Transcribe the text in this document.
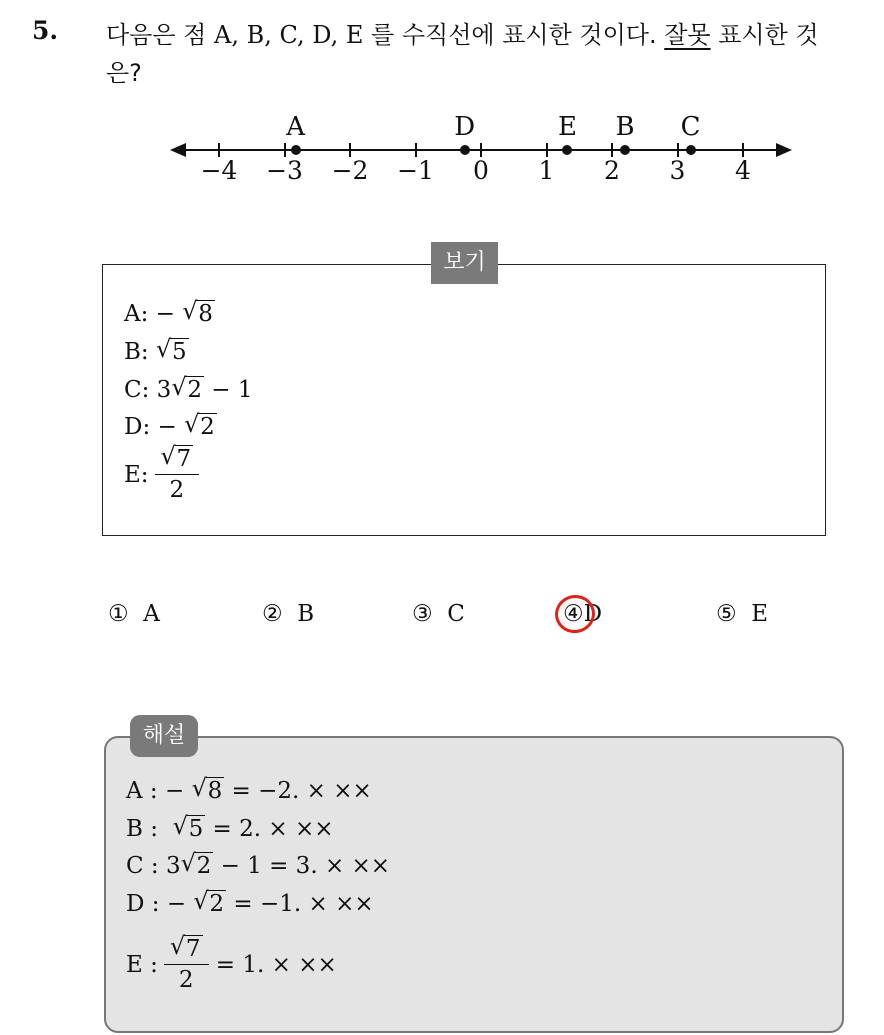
5. 다음은 점 A, B, C, D, E 를 수직선에 표시한 것이다. 잘못 표시한 것
은?
−4 −3 −2 −1 0 1 2 3 4
A	D	E B C
보기
A: − √ 8
B:
	√ 5
C: 3 √ 2 − 1
D: − √ 2
E: √ $\frac{7}{2}$
① A	② B	③ C	④D	⑤ E
해설
A : − √ 8 = −2. × ××
B :
	√ 5 = 2. × ××
C : 3 √ 2 − 1 = 3. × ××
D : − √ 2 = −1. × ××
E : √ $\frac{7}{2} = 1$. × ××
